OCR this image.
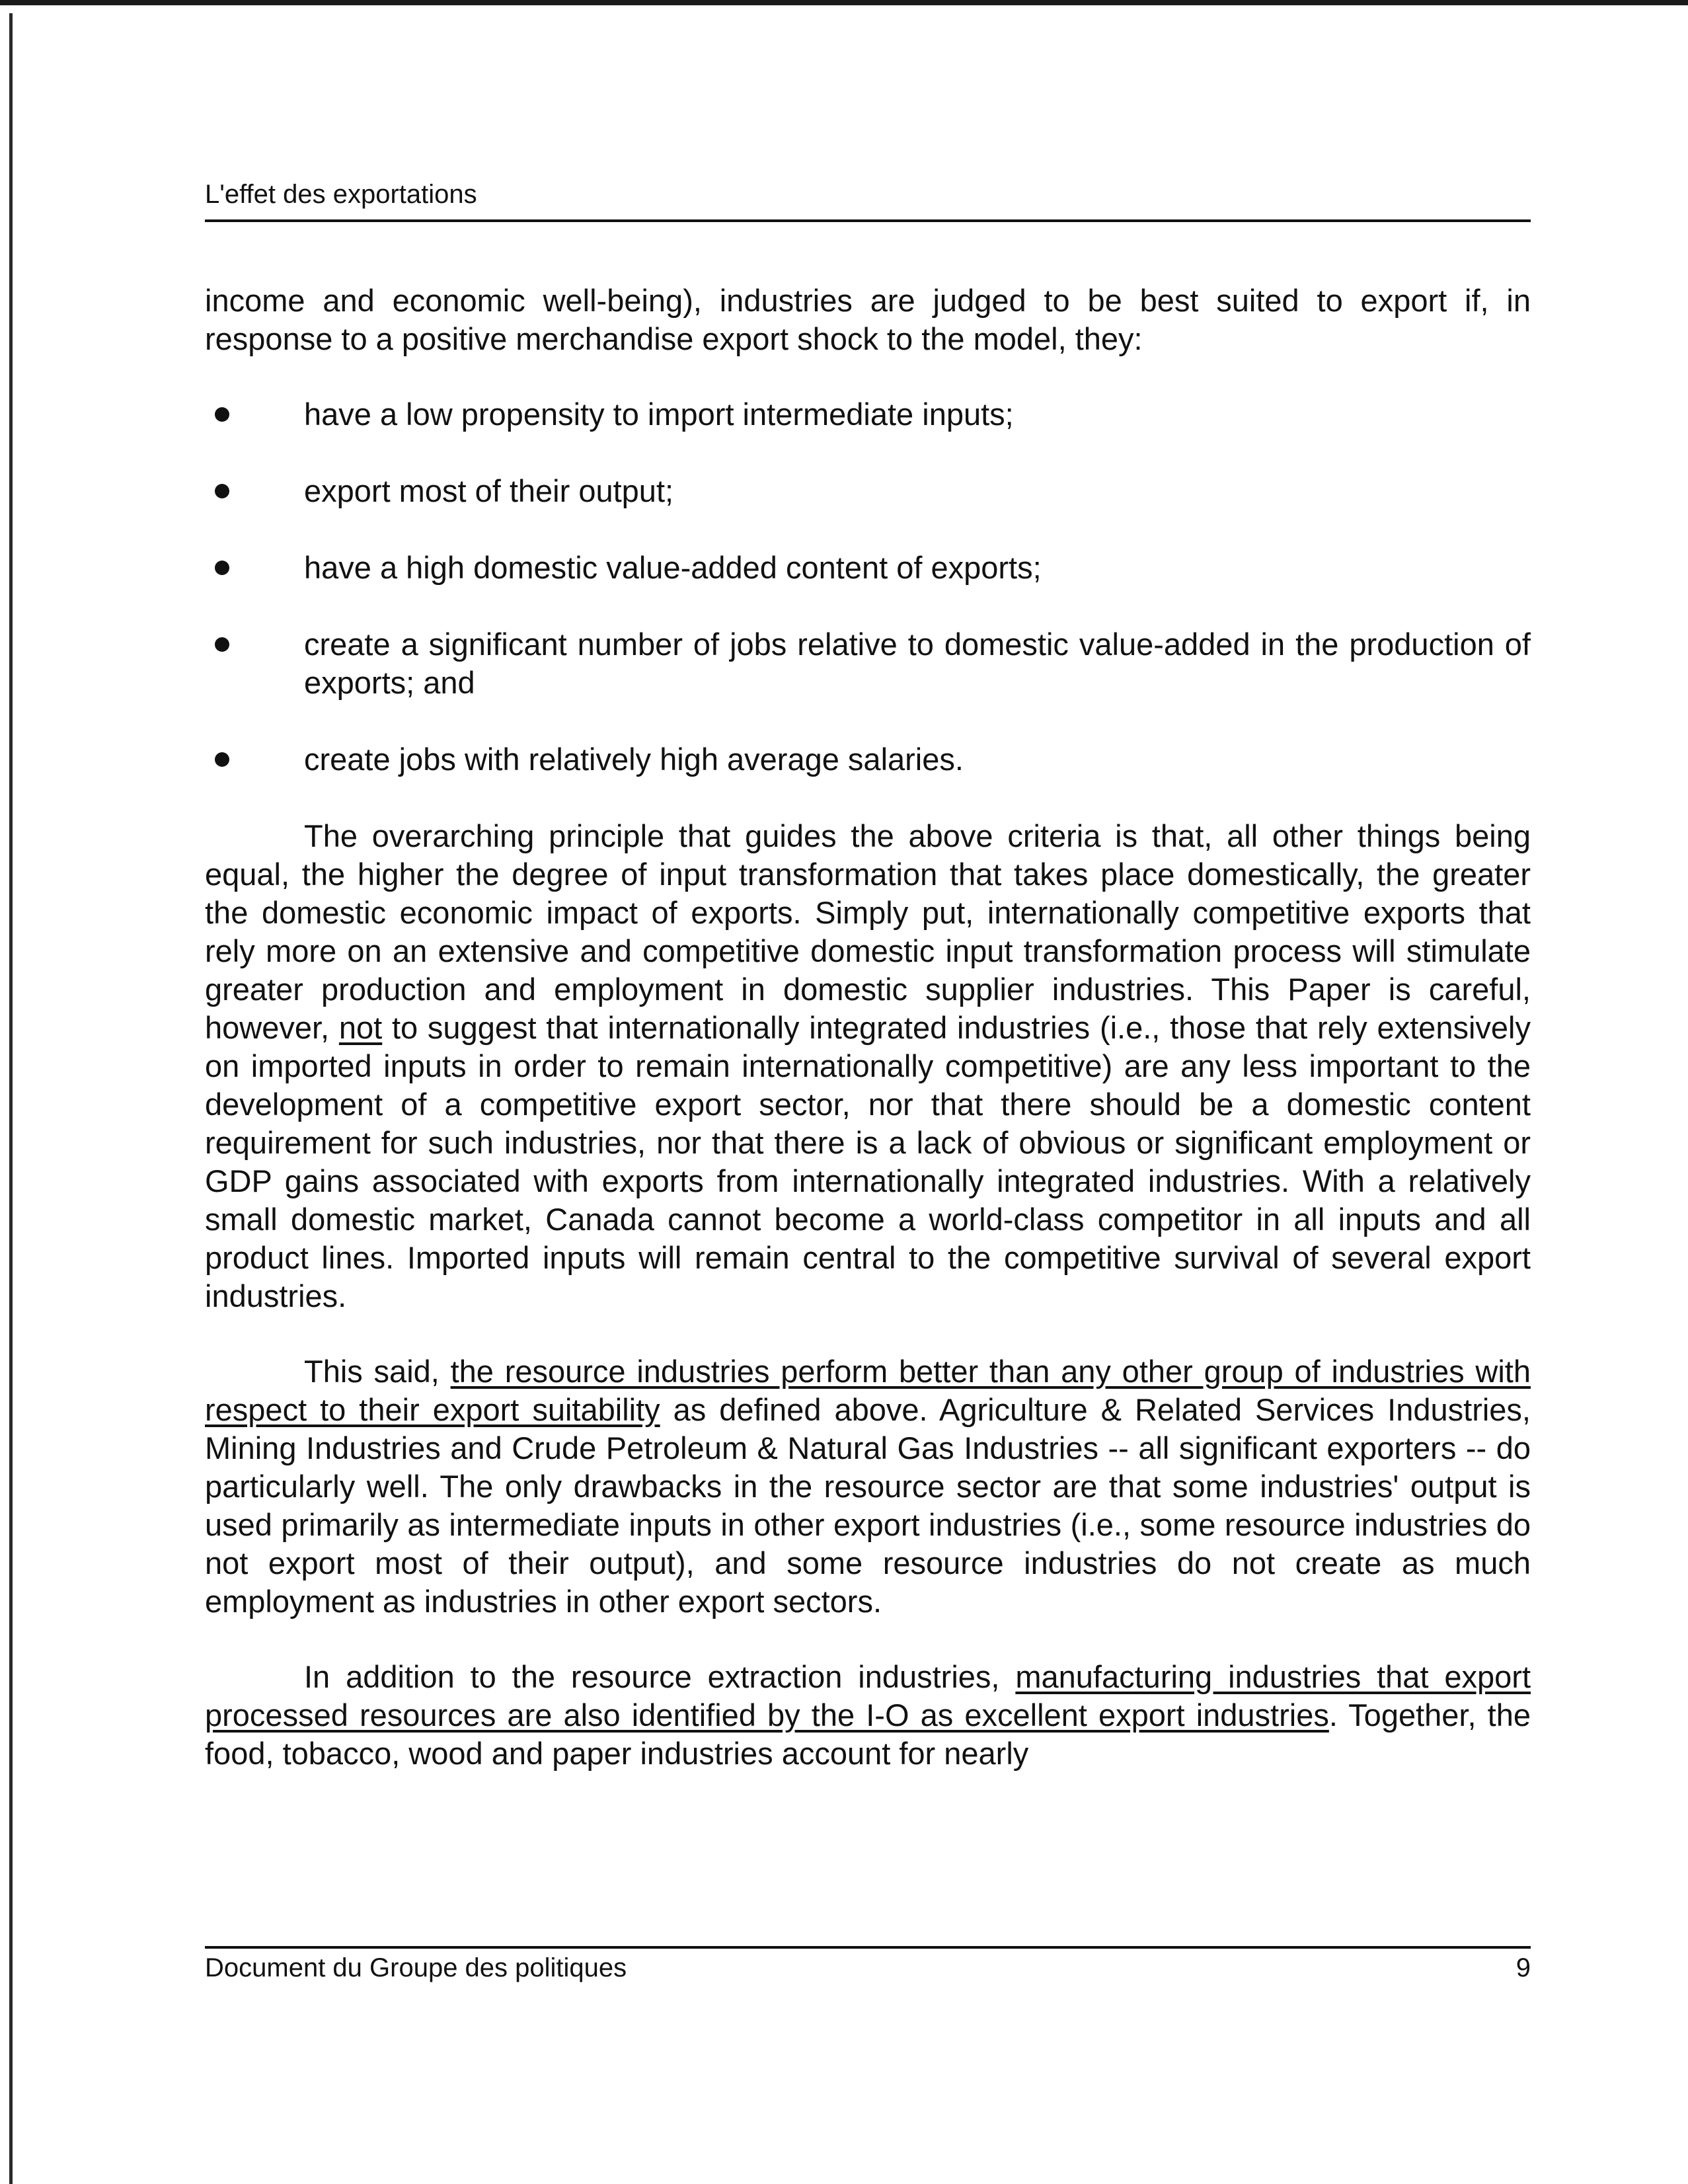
L'effet des exportations

income and economic well-being), industries are judged to be best suited to export if, in response to a positive merchandise export shock to the model, they:

have a low propensity to import intermediate inputs;
export most of their output;
have a high domestic value-added content of exports;
create a significant number of jobs relative to domestic value-added in the production of exports; and
create jobs with relatively high average salaries.

The overarching principle that guides the above criteria is that, all other things being equal, the higher the degree of input transformation that takes place domestically, the greater the domestic economic impact of exports. Simply put, internationally competitive exports that rely more on an extensive and competitive domestic input transformation process will stimulate greater production and employment in domestic supplier industries. This Paper is careful, however, not to suggest that internationally integrated industries (i.e., those that rely extensively on imported inputs in order to remain internationally competitive) are any less important to the development of a competitive export sector, nor that there should be a domestic content requirement for such industries, nor that there is a lack of obvious or significant employment or GDP gains associated with exports from internationally integrated industries. With a relatively small domestic market, Canada cannot become a world-class competitor in all inputs and all product lines. Imported inputs will remain central to the competitive survival of several export industries.

This said, the resource industries perform better than any other group of industries with respect to their export suitability as defined above. Agriculture & Related Services Industries, Mining Industries and Crude Petroleum & Natural Gas Industries -- all significant exporters -- do particularly well. The only drawbacks in the resource sector are that some industries' output is used primarily as intermediate inputs in other export industries (i.e., some resource industries do not export most of their output), and some resource industries do not create as much employment as industries in other export sectors.

In addition to the resource extraction industries, manufacturing industries that export processed resources are also identified by the I-O as excellent export industries. Together, the food, tobacco, wood and paper industries account for nearly

Document du Groupe des politiques	9
